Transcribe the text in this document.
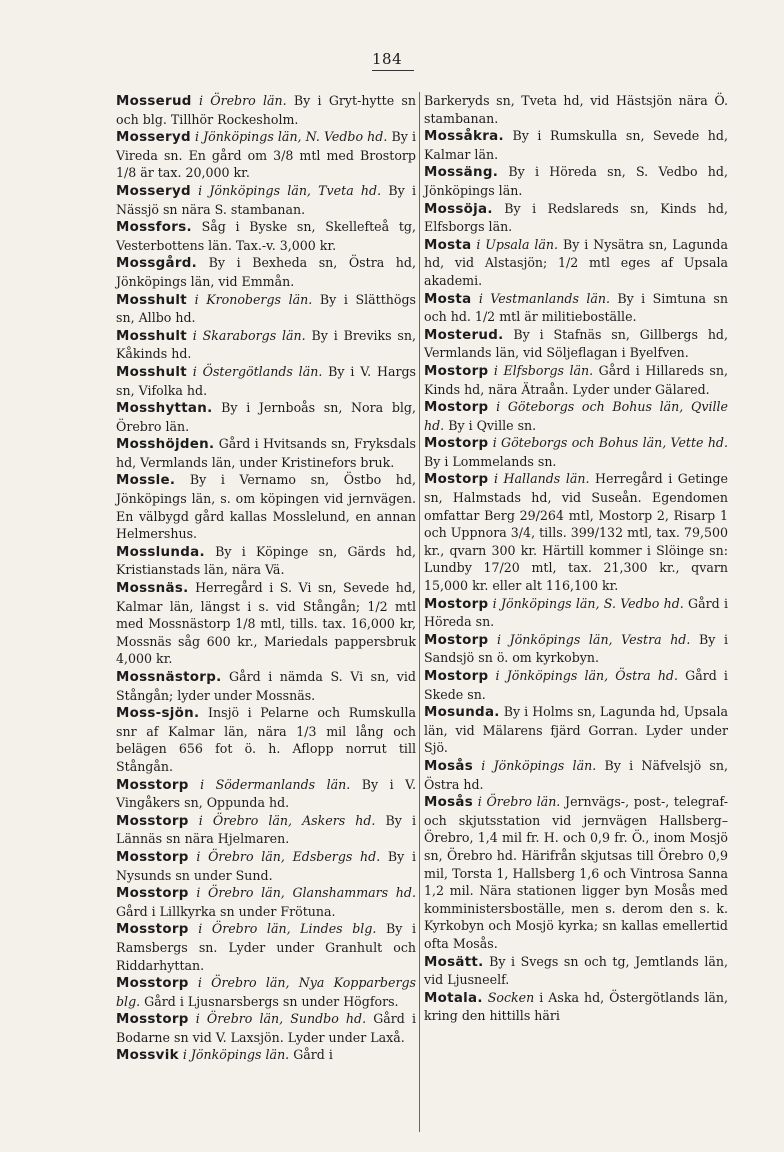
184

Mosserud i Örebro län. By i Gryt-hytte sn och blg. Tillhör Rockesholm.

Mosseryd i Jönköpings län, N. Vedbo hd. By i Vireda sn. En gård om 3/8 mtl med Brostorp 1/8 är tax. 20,000 kr.

Mosseryd i Jönköpings län, Tveta hd. By i Nässjö sn nära S. stambanan.

Mossfors. Såg i Byske sn, Skellefteå tg, Vesterbottens län. Tax.-v. 3,000 kr.

Mossgård. By i Bexheda sn, Östra hd, Jönköpings län, vid Emmån.

Mosshult i Kronobergs län. By i Slätthögs sn, Allbo hd.

Mosshult i Skaraborgs län. By i Breviks sn, Kåkinds hd.

Mosshult i Östergötlands län. By i V. Hargs sn, Vifolka hd.

Mosshyttan. By i Jernboås sn, Nora blg, Örebro län.

Mosshöjden. Gård i Hvitsands sn, Fryksdals hd, Vermlands län, under Kristinefors bruk.

Mossle. By i Vernamo sn, Östbo hd, Jönköpings län, s. om köpingen vid jernvägen. En välbygd gård kallas Mosslelund, en annan Helmershus.

Mosslunda. By i Köpinge sn, Gärds hd, Kristianstads län, nära Vä.

Mossnäs. Herregård i S. Vi sn, Sevede hd, Kalmar län, längst i s. vid Stångån; 1/2 mtl med Mossnästorp 1/8 mtl, tills. tax. 16,000 kr, Mossnäs såg 600 kr., Mariedals pappersbruk 4,000 kr.

Mossnästorp. Gård i nämda S. Vi sn, vid Stångån; lyder under Mossnäs.

Moss-sjön. Insjö i Pelarne och Rumskulla snr af Kalmar län, nära 1/3 mil lång och belägen 656 fot ö. h. Aflopp norrut till Stångån.

Mosstorp i Södermanlands län. By i V. Vingåkers sn, Oppunda hd.

Mosstorp i Örebro län, Askers hd. By i Lännäs sn nära Hjelmaren.

Mosstorp i Örebro län, Edsbergs hd. By i Nysunds sn under Sund.

Mosstorp i Örebro län, Glanshammars hd. Gård i Lillkyrka sn under Frötuna.

Mosstorp i Örebro län, Lindes blg. By i Ramsbergs sn. Lyder under Granhult och Riddarhyttan.

Mosstorp i Örebro län, Nya Kopparbergs blg. Gård i Ljusnarsbergs sn under Högfors.

Mosstorp i Örebro län, Sundbo hd. Gård i Bodarne sn vid V. Laxsjön. Lyder under Laxå.

Mossvik i Jönköpings län. Gård i

Barkeryds sn, Tveta hd, vid Hästsjön nära Ö. stambanan.

Mossåkra. By i Rumskulla sn, Sevede hd, Kalmar län.

Mossäng. By i Höreda sn, S. Vedbo hd, Jönköpings län.

Mossöja. By i Redslareds sn, Kinds hd, Elfsborgs län.

Mosta i Upsala län. By i Nysätra sn, Lagunda hd, vid Alstasjön; 1/2 mtl eges af Upsala akademi.

Mosta i Vestmanlands län. By i Simtuna sn och hd. 1/2 mtl är militieboställe.

Mosterud. By i Stafnäs sn, Gillbergs hd, Vermlands län, vid Söljeflagan i Byelfven.

Mostorp i Elfsborgs län. Gård i Hillareds sn, Kinds hd, nära Ätraån. Lyder under Gälared.

Mostorp i Göteborgs och Bohus län, Qville hd. By i Qville sn.

Mostorp i Göteborgs och Bohus län, Vette hd. By i Lommelands sn.

Mostorp i Hallands län. Herregård i Getinge sn, Halmstads hd, vid Suseån. Egendomen omfattar Berg 29/264 mtl, Mostorp 2, Risarp 1 och Uppnora 3/4, tills. 399/132 mtl, tax. 79,500 kr., qvarn 300 kr. Härtill kommer i Slöinge sn: Lundby 17/20 mtl, tax. 21,300 kr., qvarn 15,000 kr. eller alt 116,100 kr.

Mostorp i Jönköpings län, S. Vedbo hd. Gård i Höreda sn.

Mostorp i Jönköpings län, Vestra hd. By i Sandsjö sn ö. om kyrkobyn.

Mostorp i Jönköpings län, Östra hd. Gård i Skede sn.

Mosunda. By i Holms sn, Lagunda hd, Upsala län, vid Mälarens fjärd Gorran. Lyder under Sjö.

Mosås i Jönköpings län. By i Näfvelsjö sn, Östra hd.

Mosås i Örebro län. Jernvägs-, post-, telegraf- och skjutsstation vid jernvägen Hallsberg–Örebro, 1,4 mil fr. H. och 0,9 fr. Ö., inom Mosjö sn, Örebro hd. Härifrån skjutsas till Örebro 0,9 mil, Torsta 1, Hallsberg 1,6 och Vintrosa Sanna 1,2 mil. Nära stationen ligger byn Mosås med komministersboställe, men s. derom den s. k. Kyrkobyn och Mosjö kyrka; sn kallas emellertid ofta Mosås.

Mosätt. By i Svegs sn och tg, Jemtlands län, vid Ljusneelf.

Motala. Socken i Aska hd, Östergötlands län, kring den hittills häri
